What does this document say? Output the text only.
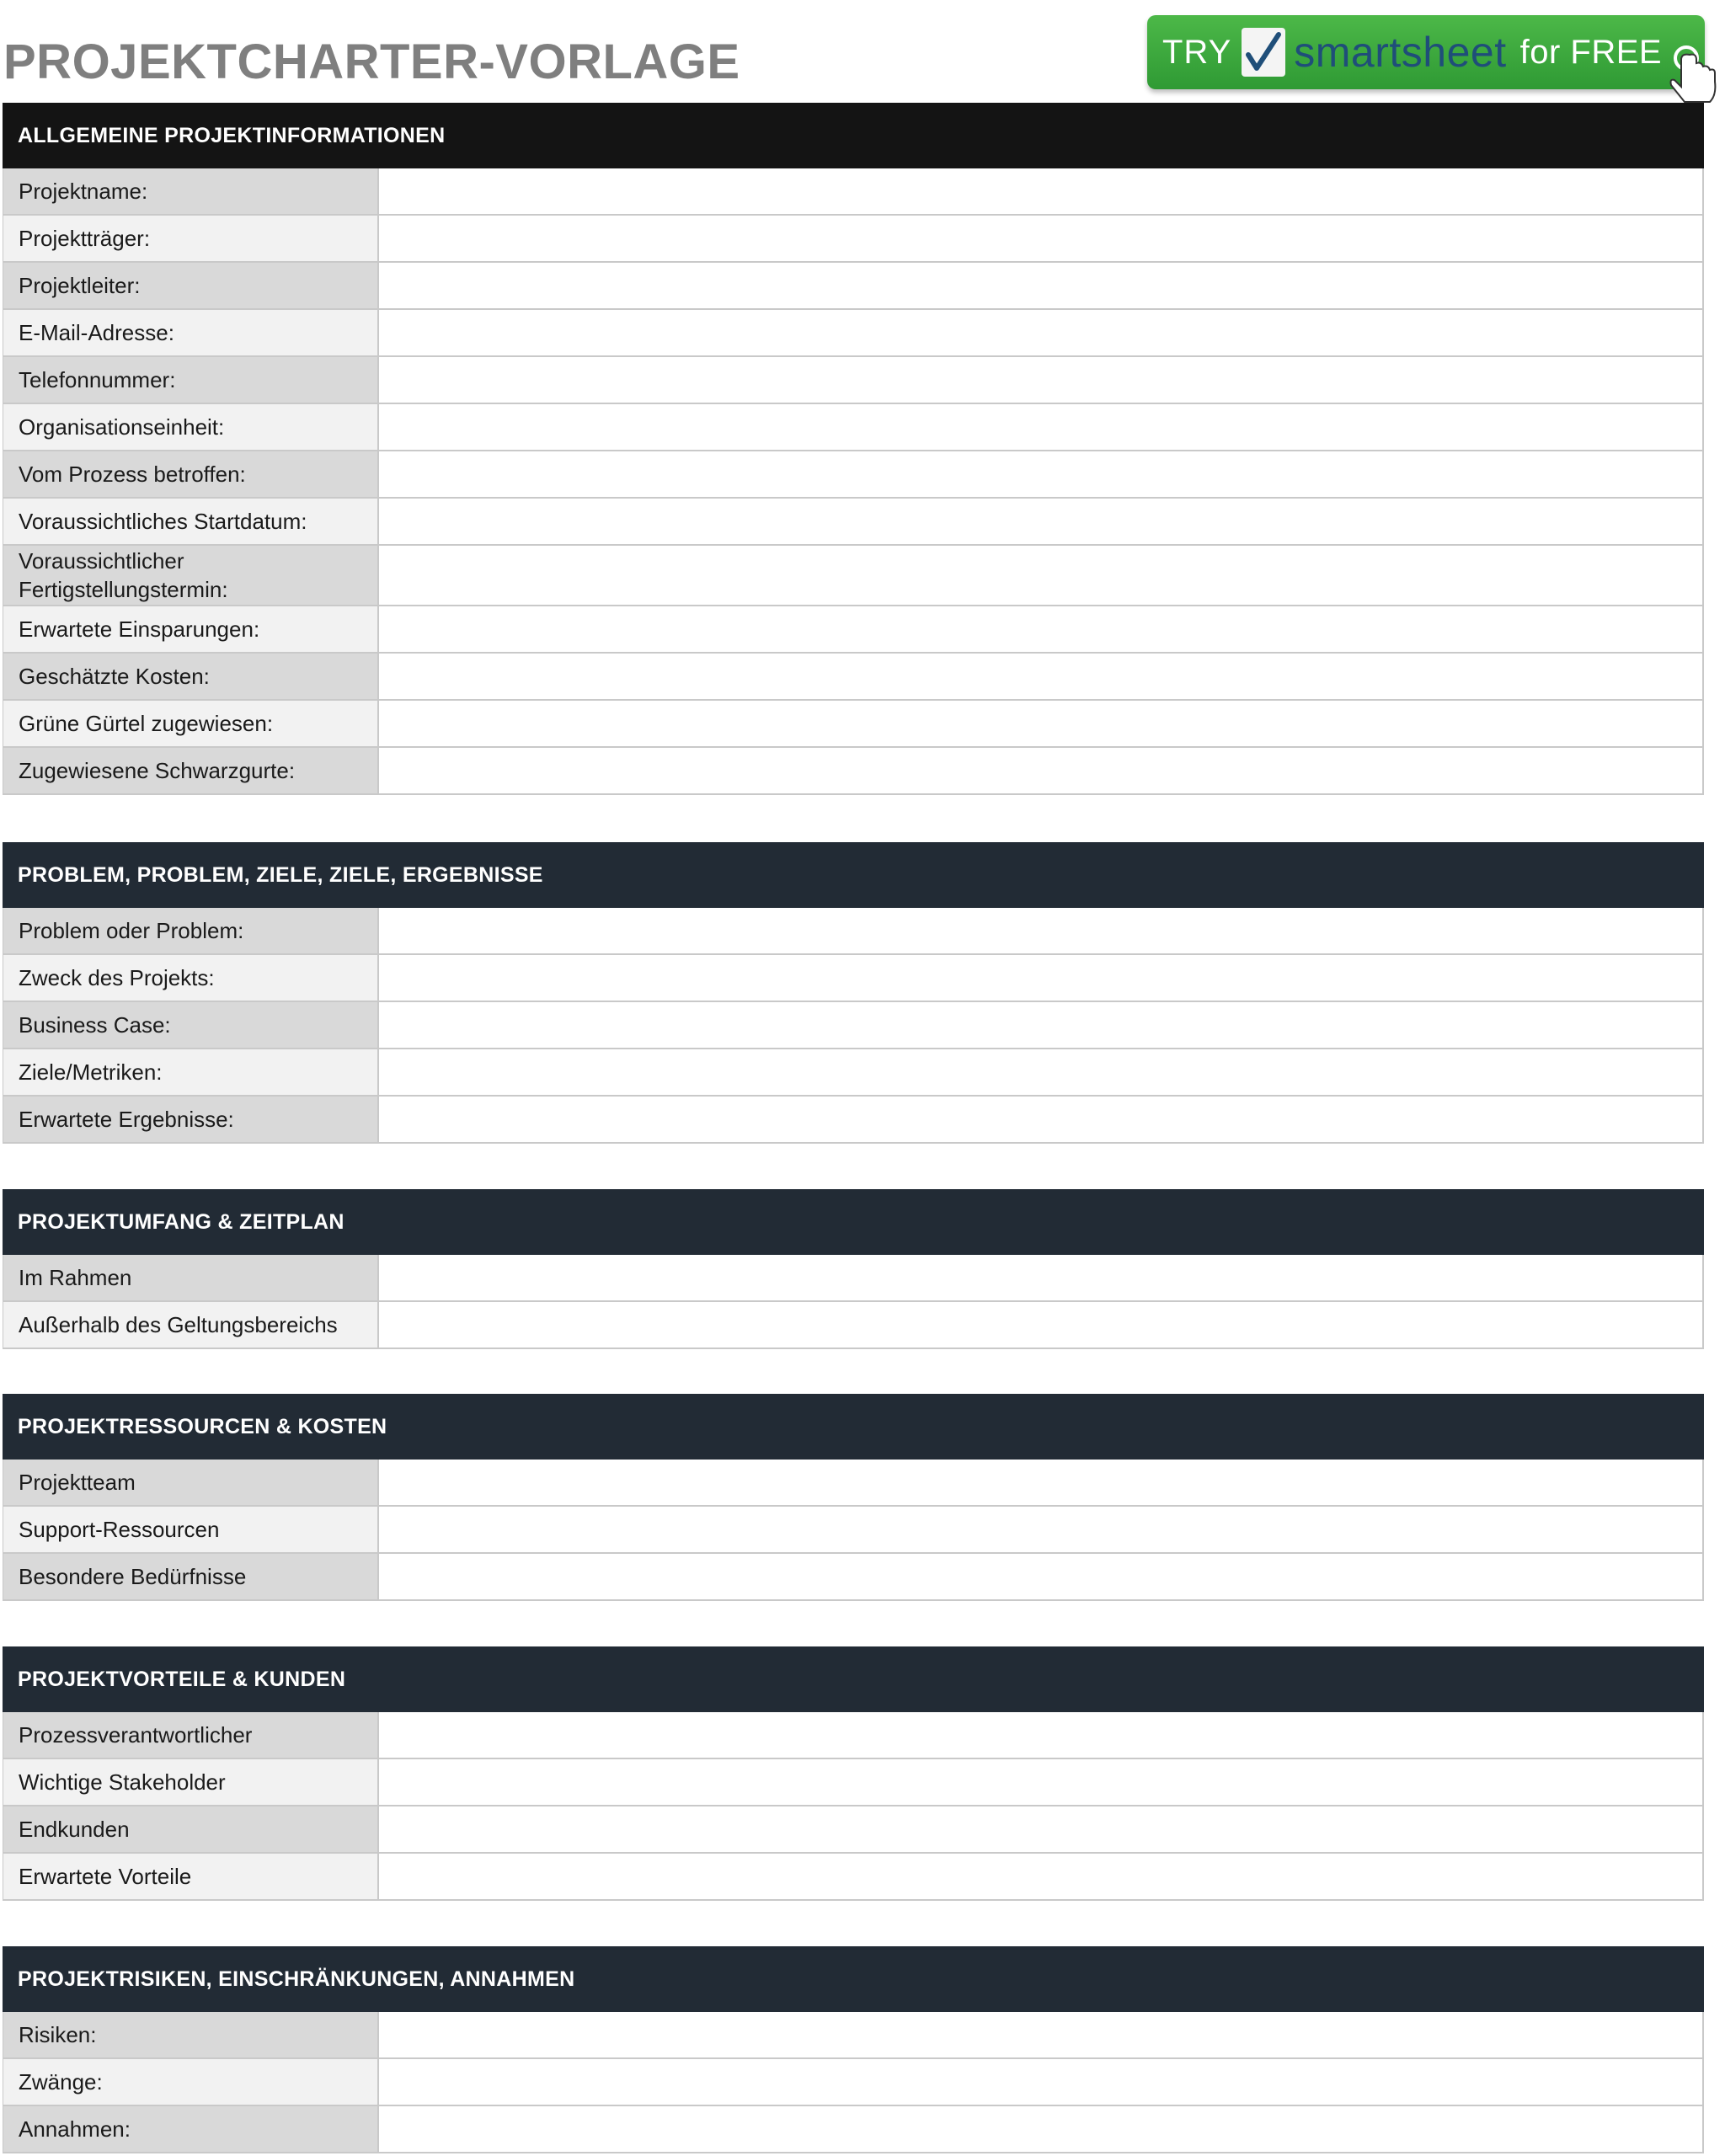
PROJEKTCHARTER-VORLAGE	TRY smartsheet for FREE
ALLGEMEINE PROJEKTINFORMATIONEN
Projektname:
Projektträger:
Projektleiter:
E-Mail-Adresse:
Telefonnummer:
Organisationseinheit:
Vom Prozess betroffen:
Voraussichtliches Startdatum:
Voraussichtlicher Fertigstellungstermin:
Erwartete Einsparungen:
Geschätzte Kosten:
Grüne Gürtel zugewiesen:
Zugewiesene Schwarzgurte:
PROBLEM, PROBLEM, ZIELE, ZIELE, ERGEBNISSE
Problem oder Problem:
Zweck des Projekts:
Business Case:
Ziele/Metriken:
Erwartete Ergebnisse:
PROJEKTUMFANG & ZEITPLAN
Im Rahmen
Außerhalb des Geltungsbereichs
PROJEKTRESSOURCEN & KOSTEN
Projektteam
Support-Ressourcen
Besondere Bedürfnisse
PROJEKTVORTEILE & KUNDEN
Prozessverantwortlicher
Wichtige Stakeholder
Endkunden
Erwartete Vorteile
PROJEKTRISIKEN, EINSCHRÄNKUNGEN, ANNAHMEN
Risiken:
Zwänge:
Annahmen:
